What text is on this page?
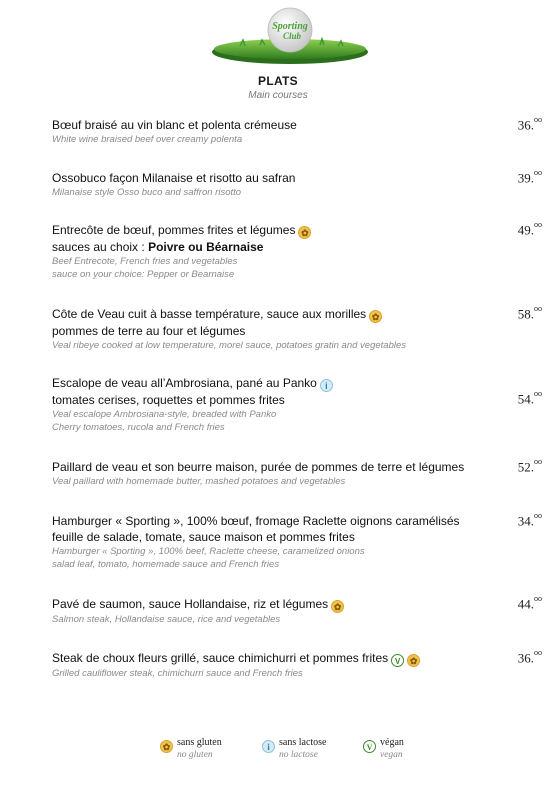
Sporting
Club
PLATS
Main courses
Bœuf braisé au vin blanc et polenta crémeuse
White wine braised beef over creamy polenta
36.$^{oo}$
Ossobuco façon Milanaise et risotto au safran
Milanaise style Osso buco and saffron risotto
39.$^{oo}$
Entrecôte de bœuf, pommes frites et légumes ✿
sauces au choix : Poivre ou Béarnaise
Beef Entrecote, French fries and vegetables
sauce on your choice: Pepper or Bearnaise
49.$^{oo}$
Côte de Veau cuit à basse température, sauce aux morilles ✿
pommes de terre au four et légumes
Veal ribeye cooked at low temperature, morel sauce, potatoes gratin and vegetables
58.$^{oo}$
Escalope de veau all’Ambrosiana, pané au Panko i
tomates cerises, roquettes et pommes frites
Veal escalope Ambrosiana-style, breaded with Panko
Cherry tomatoes, rucola and French fries
54.$^{oo}$
Paillard de veau et son beurre maison, purée de pommes de terre et légumes
Veal paillard with homemade butter, mashed potatoes and vegetables
52.$^{oo}$
Hamburger « Sporting », 100% bœuf, fromage Raclette oignons caramélisés
feuille de salade, tomate, sauce maison et pommes frites
Hamburger « Sporting », 100% beef, Raclette cheese, caramelized onions
salad leaf, tomato, homemade sauce and French fries
34.$^{oo}$
Pavé de saumon, sauce Hollandaise, riz et légumes ✿
Salmon steak, Hollandaise sauce, rice and vegetables
44.$^{oo}$
Steak de choux fleurs grillé, sauce chimichurri et pommes frites V ✿
Grilled cauliflower steak, chimichurri sauce and French fries
36.$^{oo}$
✿ sans gluten
no gluten
i sans lactose
no lactose
V végan
vegan
